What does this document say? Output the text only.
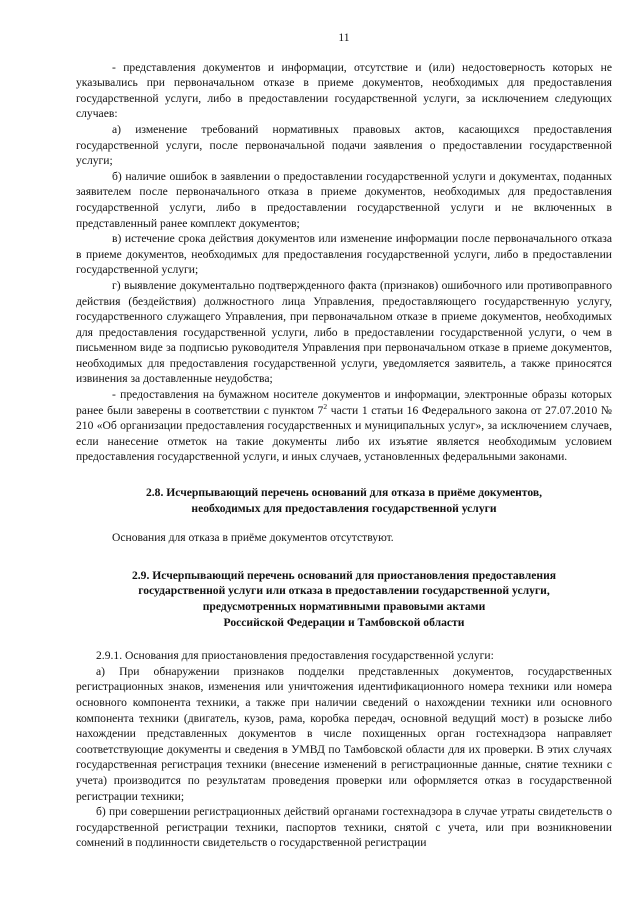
11

- представления документов и информации, отсутствие и (или) недостоверность которых не указывались при первоначальном отказе в приеме документов, необходимых для предоставления государственной услуги, либо в предоставлении государственной услуги, за исключением следующих случаев:

а) изменение требований нормативных правовых актов, касающихся предоставления государственной услуги, после первоначальной подачи заявления о предоставлении государственной услуги;

б) наличие ошибок в заявлении о предоставлении государственной услуги и документах, поданных заявителем после первоначального отказа в приеме документов, необходимых для предоставления государственной услуги, либо в предоставлении государственной услуги и не включенных в представленный ранее комплект документов;

в) истечение срока действия документов или изменение информации после первоначального отказа в приеме документов, необходимых для предоставления государственной услуги, либо в предоставлении государственной услуги;

г) выявление документально подтвержденного факта (признаков) ошибочного или противоправного действия (бездействия) должностного лица Управления, предоставляющего государственную услугу, государственного служащего Управления, при первоначальном отказе в приеме документов, необходимых для предоставления государственной услуги, либо в предоставлении государственной услуги, о чем в письменном виде за подписью руководителя Управления при первоначальном отказе в приеме документов, необходимых для предоставления государственной услуги, уведомляется заявитель, а также приносятся извинения за доставленные неудобства;

- предоставления на бумажном носителе документов и информации, электронные образы которых ранее были заверены в соответствии с пунктом $7^2$ части 1 статьи 16 Федерального закона от 27.07.2010 № 210 «Об организации предоставления государственных и муниципальных услуг», за исключением случаев, если нанесение отметок на такие документы либо их изъятие является необходимым условием предоставления государственной услуги, и иных случаев, установленных федеральными законами.

2.8. Исчерпывающий перечень оснований для отказа в приёме документов,
необходимых для предоставления государственной услуги

Основания для отказа в приёме документов отсутствуют.

2.9. Исчерпывающий перечень оснований для приостановления предоставления
государственной услуги или отказа в предоставлении государственной услуги,
предусмотренных нормативными правовыми актами
Российской Федерации и Тамбовской области

2.9.1. Основания для приостановления предоставления государственной услуги:

а) При обнаружении признаков подделки представленных документов, государственных регистрационных знаков, изменения или уничтожения идентификационного номера техники или номера основного компонента техники, а также при наличии сведений о нахождении техники или основного компонента техники (двигатель, кузов, рама, коробка передач, основной ведущий мост) в розыске либо нахождении представленных документов в числе похищенных орган гостехнадзора направляет соответствующие документы и сведения в УМВД по Тамбовской области для их проверки. В этих случаях государственная регистрация техники (внесение изменений в регистрационные данные, снятие техники с учета) производится по результатам проведения проверки или оформляется отказ в государственной регистрации техники;

б) при совершении регистрационных действий органами гостехнадзора в случае утраты свидетельств о государственной регистрации техники, паспортов техники, снятой с учета, или при возникновении сомнений в подлинности свидетельств о государственной регистрации
